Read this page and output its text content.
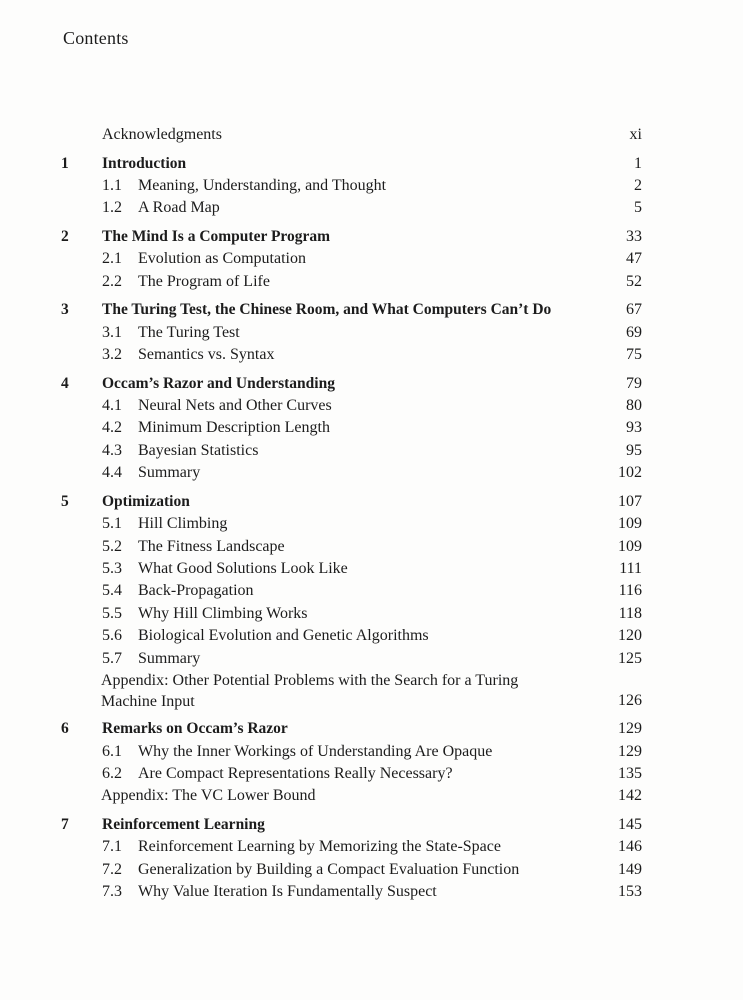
Contents
Acknowledgments	xi
1 Introduction	1
1.1 Meaning, Understanding, and Thought	2
1.2 A Road Map	5
2 The Mind Is a Computer Program	33
2.1 Evolution as Computation	47
2.2 The Program of Life	52
3 The Turing Test, the Chinese Room, and What Computers Can’t Do	67
3.1 The Turing Test	69
3.2 Semantics vs. Syntax	75
4 Occam’s Razor and Understanding	79
4.1 Neural Nets and Other Curves	80
4.2 Minimum Description Length	93
4.3 Bayesian Statistics	95
4.4 Summary	102
5 Optimization	107
5.1 Hill Climbing	109
5.2 The Fitness Landscape	109
5.3 What Good Solutions Look Like	111
5.4 Back-Propagation	116
5.5 Why Hill Climbing Works	118
5.6 Biological Evolution and Genetic Algorithms	120
5.7 Summary	125
Appendix: Other Potential Problems with the Search for a Turing
Machine Input	126
6 Remarks on Occam’s Razor	129
6.1 Why the Inner Workings of Understanding Are Opaque	129
6.2 Are Compact Representations Really Necessary?	135
Appendix: The VC Lower Bound	142
7 Reinforcement Learning	145
7.1 Reinforcement Learning by Memorizing the State-Space	146
7.2 Generalization by Building a Compact Evaluation Function	149
7.3 Why Value Iteration Is Fundamentally Suspect	153
